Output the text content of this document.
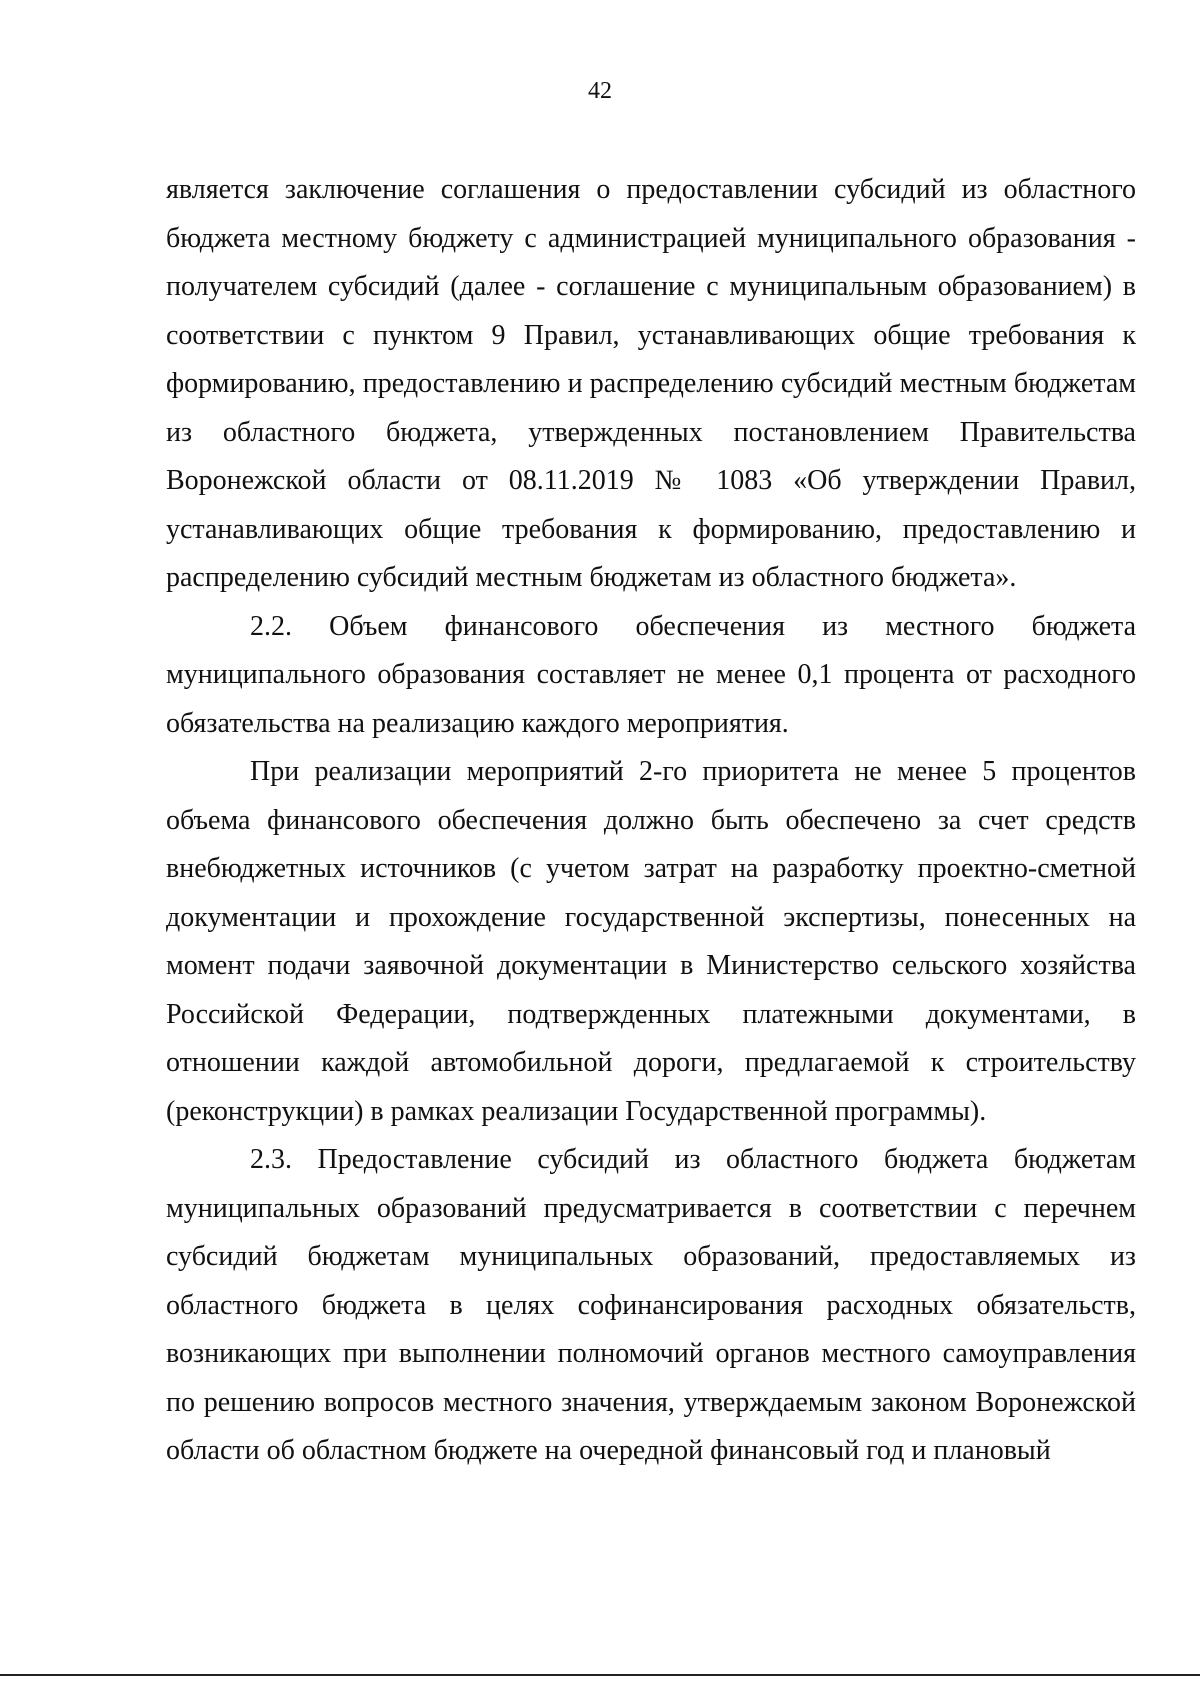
42

является заключение соглашения о предоставлении субсидий из областного бюджета местному бюджету с администрацией муниципального образования - получателем субсидий (далее - соглашение с муниципальным образованием) в соответствии с пунктом 9 Правил, устанавливающих общие требования к формированию, предоставлению и распределению субсидий местным бюджетам из областного бюджета, утвержденных постановлением Правительства Воронежской области от 08.11.2019 № 1083 «Об утверждении Правил, устанавливающих общие требования к формированию, предоставлению и распределению субсидий местным бюджетам из областного бюджета».

2.2. Объем финансового обеспечения из местного бюджета муниципального образования составляет не менее 0,1 процента от расходного обязательства на реализацию каждого мероприятия.

При реализации мероприятий 2-го приоритета не менее 5 процентов объема финансового обеспечения должно быть обеспечено за счет средств внебюджетных источников (с учетом затрат на разработку проектно-сметной документации и прохождение государственной экспертизы, понесенных на момент подачи заявочной документации в Министерство сельского хозяйства Российской Федерации, подтвержденных платежными документами, в отношении каждой автомобильной дороги, предлагаемой к строительству (реконструкции) в рамках реализации Государственной программы).

2.3. Предоставление субсидий из областного бюджета бюджетам муниципальных образований предусматривается в соответствии с перечнем субсидий бюджетам муниципальных образований, предоставляемых из областного бюджета в целях софинансирования расходных обязательств, возникающих при выполнении полномочий органов местного самоуправления по решению вопросов местного значения, утверждаемым законом Воронежской области об областном бюджете на очередной финансовый год и плановый
